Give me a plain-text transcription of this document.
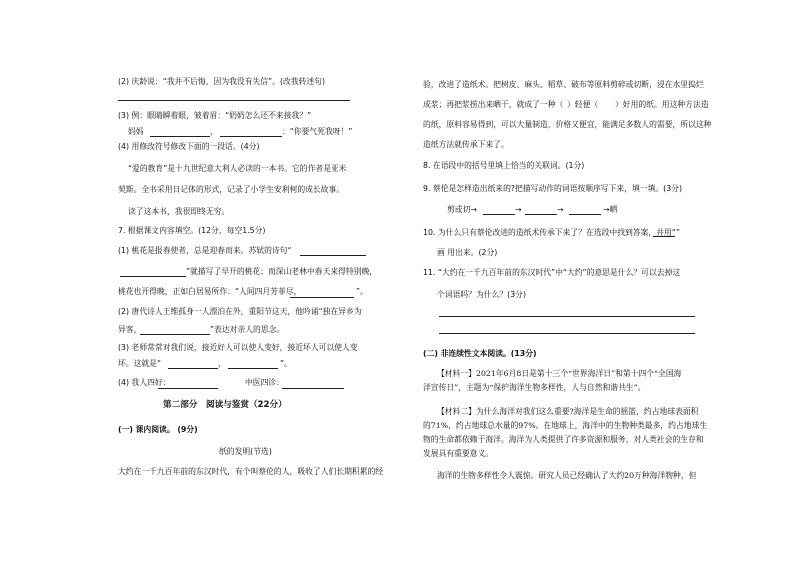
(2) 庆龄说：“我并不后悔，因为我没有失信”。(改我转述句)
(3) 例：眼睛瞬着眼，皱着眉：“奶奶怎么还不来接我？”
妈妈	，	：“你要气死我呀！”
(4) 用修改符号修改下面的一段话。(4分)
“爱的教育”是十九世纪意大利人必读的一本书。它的作者是亚米
契斯。全书采用日记体的形式，记录了小学生安利柯的成长故事。
读了这本书，我很即终无穷。
7. 根据课文内容填空。(12分，每空1.5分)
(1) 桃花是报春使者，总是迎春而来。苏轼的诗句“
”就描写了早开的桃花；而深山老林中春天来得特别晚，
桃花也开得晚，正如白居易所作：“人间四月芳菲尽，	”。
(2) 唐代诗人王维孤身一人漂泊在外，重阳节这天，他吟诵“独在异乡为
异客，	”表达对亲人的思念。
(3) 老师常常对我们说，接近好人可以使人变好，接近坏人可以使人变
坏。这就是“	，	”。
(4) 我人四好：	中医四诊：
第二部分　阅读与鉴赏（22分）
(一) 课内阅读。 (9分)
纸的发明(节选)
大约在一千九百年前的东汉时代，有个叫蔡伦的人，吸收了人们长期积累的经
验，改进了造纸术。把树皮、麻头、稻草、破布等原料剪碎或切断，浸在水里捣烂
成浆；再把浆捞出来晒干，就成了一种（ ）轻便（ ）好用的纸。用这种方法造
的纸，原料容易得到，可以大量制造，价格又便宜，能满足多数人的需要，所以这种
造纸方法就传承下来了。
8. 在语段中的括号里填上恰当的关联词。(1分)
9. 蔡伦是怎样造出纸来的?把描写动作的词语按顺序写下来，填一填。(3分)
剪或切→	→	→	→晒
10. 为什么只有蔡伦改进的造纸术传承下来了？在选段中找到答案，并用“ ”
画 用出来。(2分)
11. “大约在一千九百年前的东汉时代”中“大约”的意思是什么？可以去掉这
个词语吗？为什么？(3分)
(二) 非连续性文本阅读。(13分)
【材料一】2021年6月8日是第十三个“世界海洋日”和第十四个“全国海
洋宣传日”，主题为“保护海洋生物多样性，人与自然和谐共生”。
【材料二】为什么海洋对我们这么重要?海洋是生命的摇篮，约占地球表面积
的71%，约占地球总水量的97%。在地球上，海洋中的生物种类最多，约占地球生
物的生命都依赖于海洋。海洋为人类提供了许多资源和服务，对人类社会的生存和
发展具有重要意义。
海洋的生物多样性令人震惊。研究人员已经确认了大约20万种海洋物种，但
